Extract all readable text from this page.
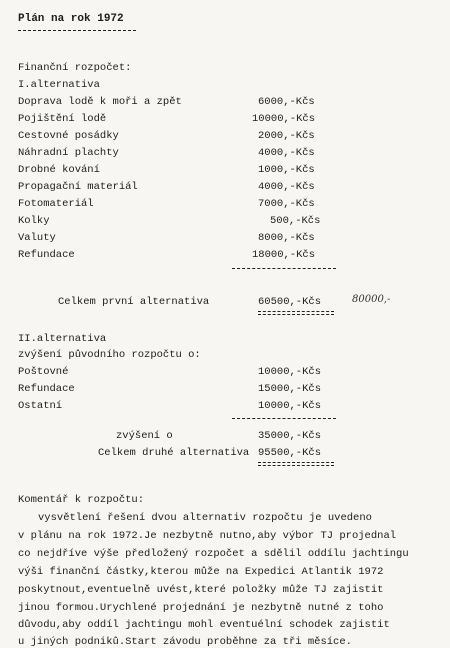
Plán na rok 1972
Finanční rozpočet:
I.alternativa
Doprava lodě k moři a zpět	6000,-Kčs
Pojištění lodě	10000,-Kčs
Cestovné posádky	2000,-Kčs
Náhradní plachty	4000,-Kčs
Drobné kování	1000,-Kčs
Propagační materiál	4000,-Kčs
Fotomateriál	7000,-Kčs
Kolky	500,-Kčs
Valuty	8000,-Kčs
Refundace	18000,-Kčs
Celkem první alternativa	60500,-Kčs	80000,-
II.alternativa
zvýšení původního rozpočtu o:
Poštovné	10000,-Kčs
Refundace	15000,-Kčs
Ostatní	10000,-Kčs
zvýšení o	35000,-Kčs
Celkem druhé alternativa 95500,-Kčs
Komentář k rozpočtu:
vysvětlení řešení dvou alternativ rozpočtu je uvedeno
v plánu na rok 1972.Je nezbytně nutno,aby výbor TJ projednal
co nejdříve výše předložený rozpočet a sdělil oddílu jachtingu
výši finanční částky,kterou může na Expedici Atlantik 1972
poskytnout,eventuelně uvést,které položky může TJ zajistit
jinou formou.Urychlené projednání je nezbytně nutné z toho
důvodu,aby oddíl jachtingu mohl eventuélní schodek zajistit
u jiných podniků.Start závodu proběhne za tři měsíce.
